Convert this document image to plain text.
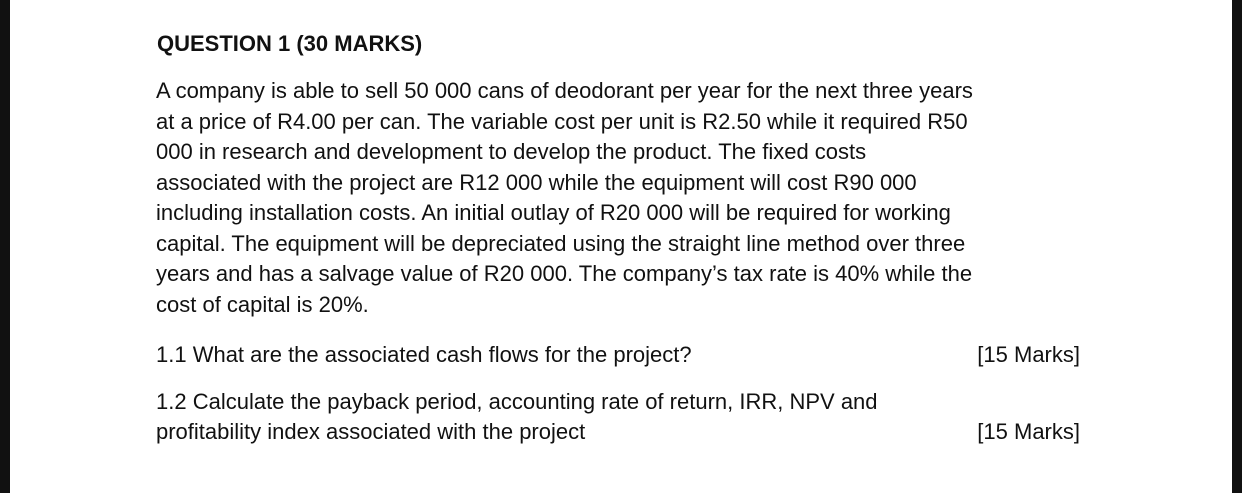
QUESTION 1 (30 MARKS)
A company is able to sell 50 000 cans of deodorant per year for the next three years
at a price of R4.00 per can. The variable cost per unit is R2.50 while it required R50
000 in research and development to develop the product. The fixed costs
associated with the project are R12 000 while the equipment will cost R90 000
including installation costs. An initial outlay of R20 000 will be required for working
capital. The equipment will be depreciated using the straight line method over three
years and has a salvage value of R20 000. The company’s tax rate is 40% while the
cost of capital is 20%.
1.1 What are the associated cash flows for the project?	[15 Marks]
1.2 Calculate the payback period, accounting rate of return, IRR, NPV and
profitability index associated with the project	[15 Marks]
